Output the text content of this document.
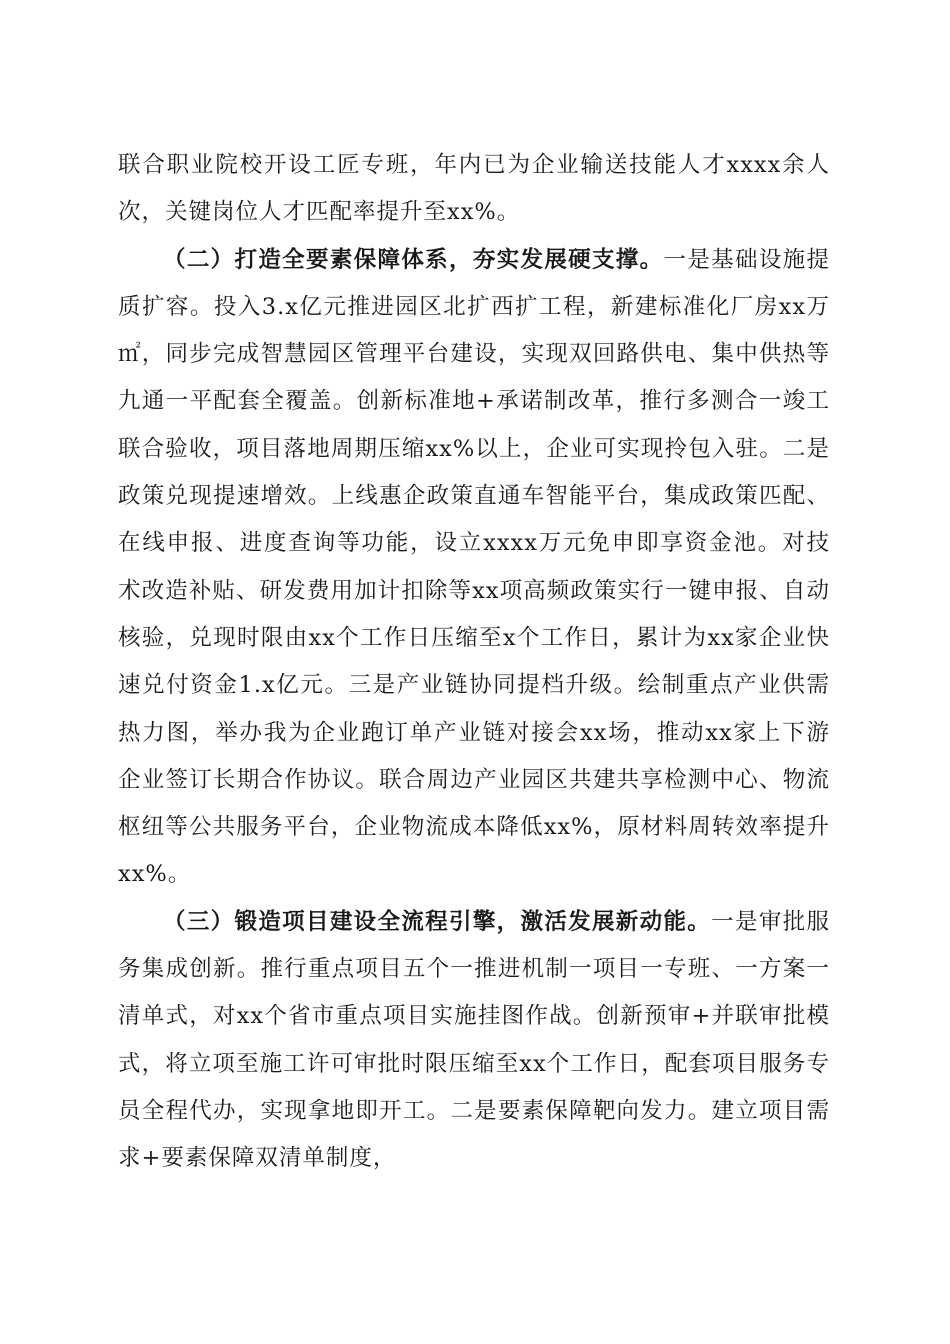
联合职业院校开设工匠专班，年内已为企业输送技能人才xxxx余人次，关键岗位人才匹配率提升至xx%。

（二）打造全要素保障体系，夯实发展硬支撑。一是基础设施提质扩容。投入3.x亿元推进园区北扩西扩工程，新建标准化厂房xx万㎡，同步完成智慧园区管理平台建设，实现双回路供电、集中供热等九通一平配套全覆盖。创新标准地+承诺制改革，推行多测合一竣工联合验收，项目落地周期压缩xx%以上，企业可实现拎包入驻。二是政策兑现提速增效。上线惠企政策直通车智能平台，集成政策匹配、在线申报、进度查询等功能，设立xxxx万元免申即享资金池。对技术改造补贴、研发费用加计扣除等xx项高频政策实行一键申报、自动核验，兑现时限由xx个工作日压缩至x个工作日，累计为xx家企业快速兑付资金1.x亿元。三是产业链协同提档升级。绘制重点产业供需热力图，举办我为企业跑订单产业链对接会xx场，推动xx家上下游企业签订长期合作协议。联合周边产业园区共建共享检测中心、物流枢纽等公共服务平台，企业物流成本降低xx%，原材料周转效率提升xx%。

（三）锻造项目建设全流程引擎，激活发展新动能。一是审批服务集成创新。推行重点项目五个一推进机制一项目一专班、一方案一清单式，对xx个省市重点项目实施挂图作战。创新预审+并联审批模式，将立项至施工许可审批时限压缩至xx个工作日，配套项目服务专员全程代办，实现拿地即开工。二是要素保障靶向发力。建立项目需求+要素保障双清单制度，
